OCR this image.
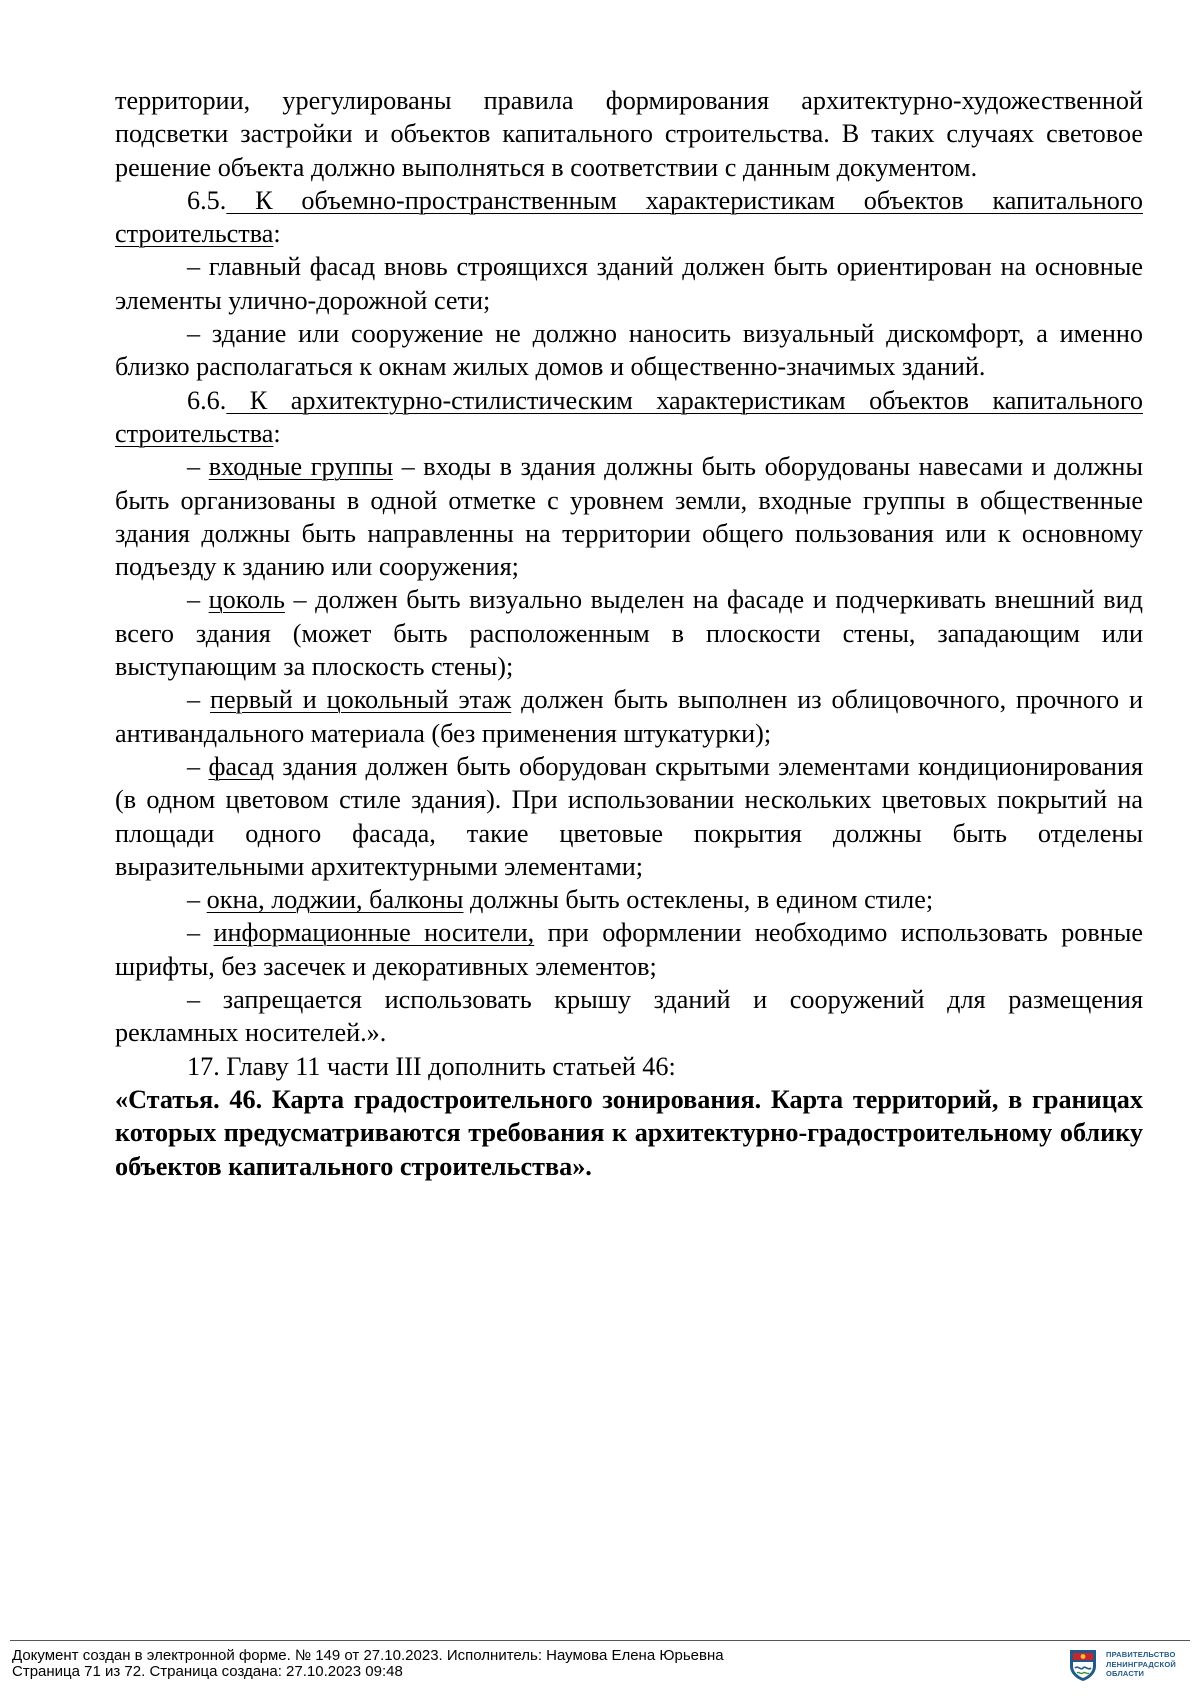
территории, урегулированы правила формирования архитектурно-художественной подсветки застройки и объектов капитального строительства. В таких случаях световое решение объекта должно выполняться в соответствии с данным документом.

6.5. К объемно-пространственным характеристикам объектов капитального строительства:

– главный фасад вновь строящихся зданий должен быть ориентирован на основные элементы улично-дорожной сети;

– здание или сооружение не должно наносить визуальный дискомфорт, а именно близко располагаться к окнам жилых домов и общественно-значимых зданий.

6.6. К архитектурно-стилистическим характеристикам объектов капитального строительства:

– входные группы – входы в здания должны быть оборудованы навесами и должны быть организованы в одной отметке с уровнем земли, входные группы в общественные здания должны быть направленны на территории общего пользования или к основному подъезду к зданию или сооружения;

– цоколь – должен быть визуально выделен на фасаде и подчеркивать внешний вид всего здания (может быть расположенным в плоскости стены, западающим или выступающим за плоскость стены);

– первый и цокольный этаж должен быть выполнен из облицовочного, прочного и антивандального материала (без применения штукатурки);

– фасад здания должен быть оборудован скрытыми элементами кондиционирования (в одном цветовом стиле здания). При использовании нескольких цветовых покрытий на площади одного фасада, такие цветовые покрытия должны быть отделены выразительными архитектурными элементами;

– окна, лоджии, балконы должны быть остеклены, в едином стиле;

– информационные носители, при оформлении необходимо использовать ровные шрифты, без засечек и декоративных элементов;

– запрещается использовать крышу зданий и сооружений для размещения рекламных носителей.».

17. Главу 11 части III дополнить статьей 46:

«Статья. 46. Карта градостроительного зонирования. Карта территорий, в границах которых предусматриваются требования к архитектурно-градостроительному облику объектов капитального строительства».

Документ создан в электронной форме. № 149 от 27.10.2023. Исполнитель: Наумова Елена Юрьевна
Страница 71 из 72. Страница создана: 27.10.2023 09:48
ПРАВИТЕЛЬСТВО
ЛЕНИНГРАДСКОЙ
ОБЛАСТИ
